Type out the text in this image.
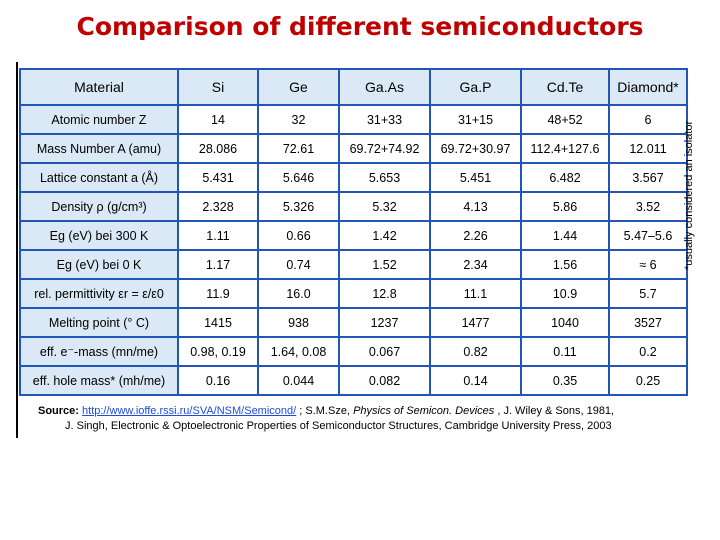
Comparison of different semiconductors
Material	Si	Ge	Ga.As	Ga.P	Cd.Te	Diamond*
Atomic number Z	14	32	31+33	31+15	48+52	6
Mass Number A (amu)	28.086	72.61	69.72+74.92	69.72+30.97	112.4+127.6	12.011
Lattice constant a (Å)	5.431	5.646	5.653	5.451	6.482	3.567
Density ρ (g/cm³)	2.328	5.326	5.32	4.13	5.86	3.52
Eg (eV) bei 300 K	1.11	0.66	1.42	2.26	1.44	5.47–5.6
Eg (eV) bei 0 K	1.17	0.74	1.52	2.34	1.56	≈ 6
rel. permittivity εr = ε/ε0	11.9	16.0	12.8	11.1	10.9	5.7
Melting point (° C)	1415	938	1237	1477	1040	3527
eff. e⁻-mass (mn/me)	0.98, 0.19	1.64, 0.08	0.067	0.82	0.11	0.2
eff. hole mass* (mh/me)	0.16	0.044	0.082	0.14	0.35	0.25
*usually considered an isolator
Source: http://www.ioffe.rssi.ru/SVA/NSM/Semicond/ ; S.M.Sze, Physics of Semicon. Devices , J. Wiley & Sons, 1981,
J. Singh, Electronic & Optoelectronic Properties of Semiconductor Structures, Cambridge University Press, 2003
